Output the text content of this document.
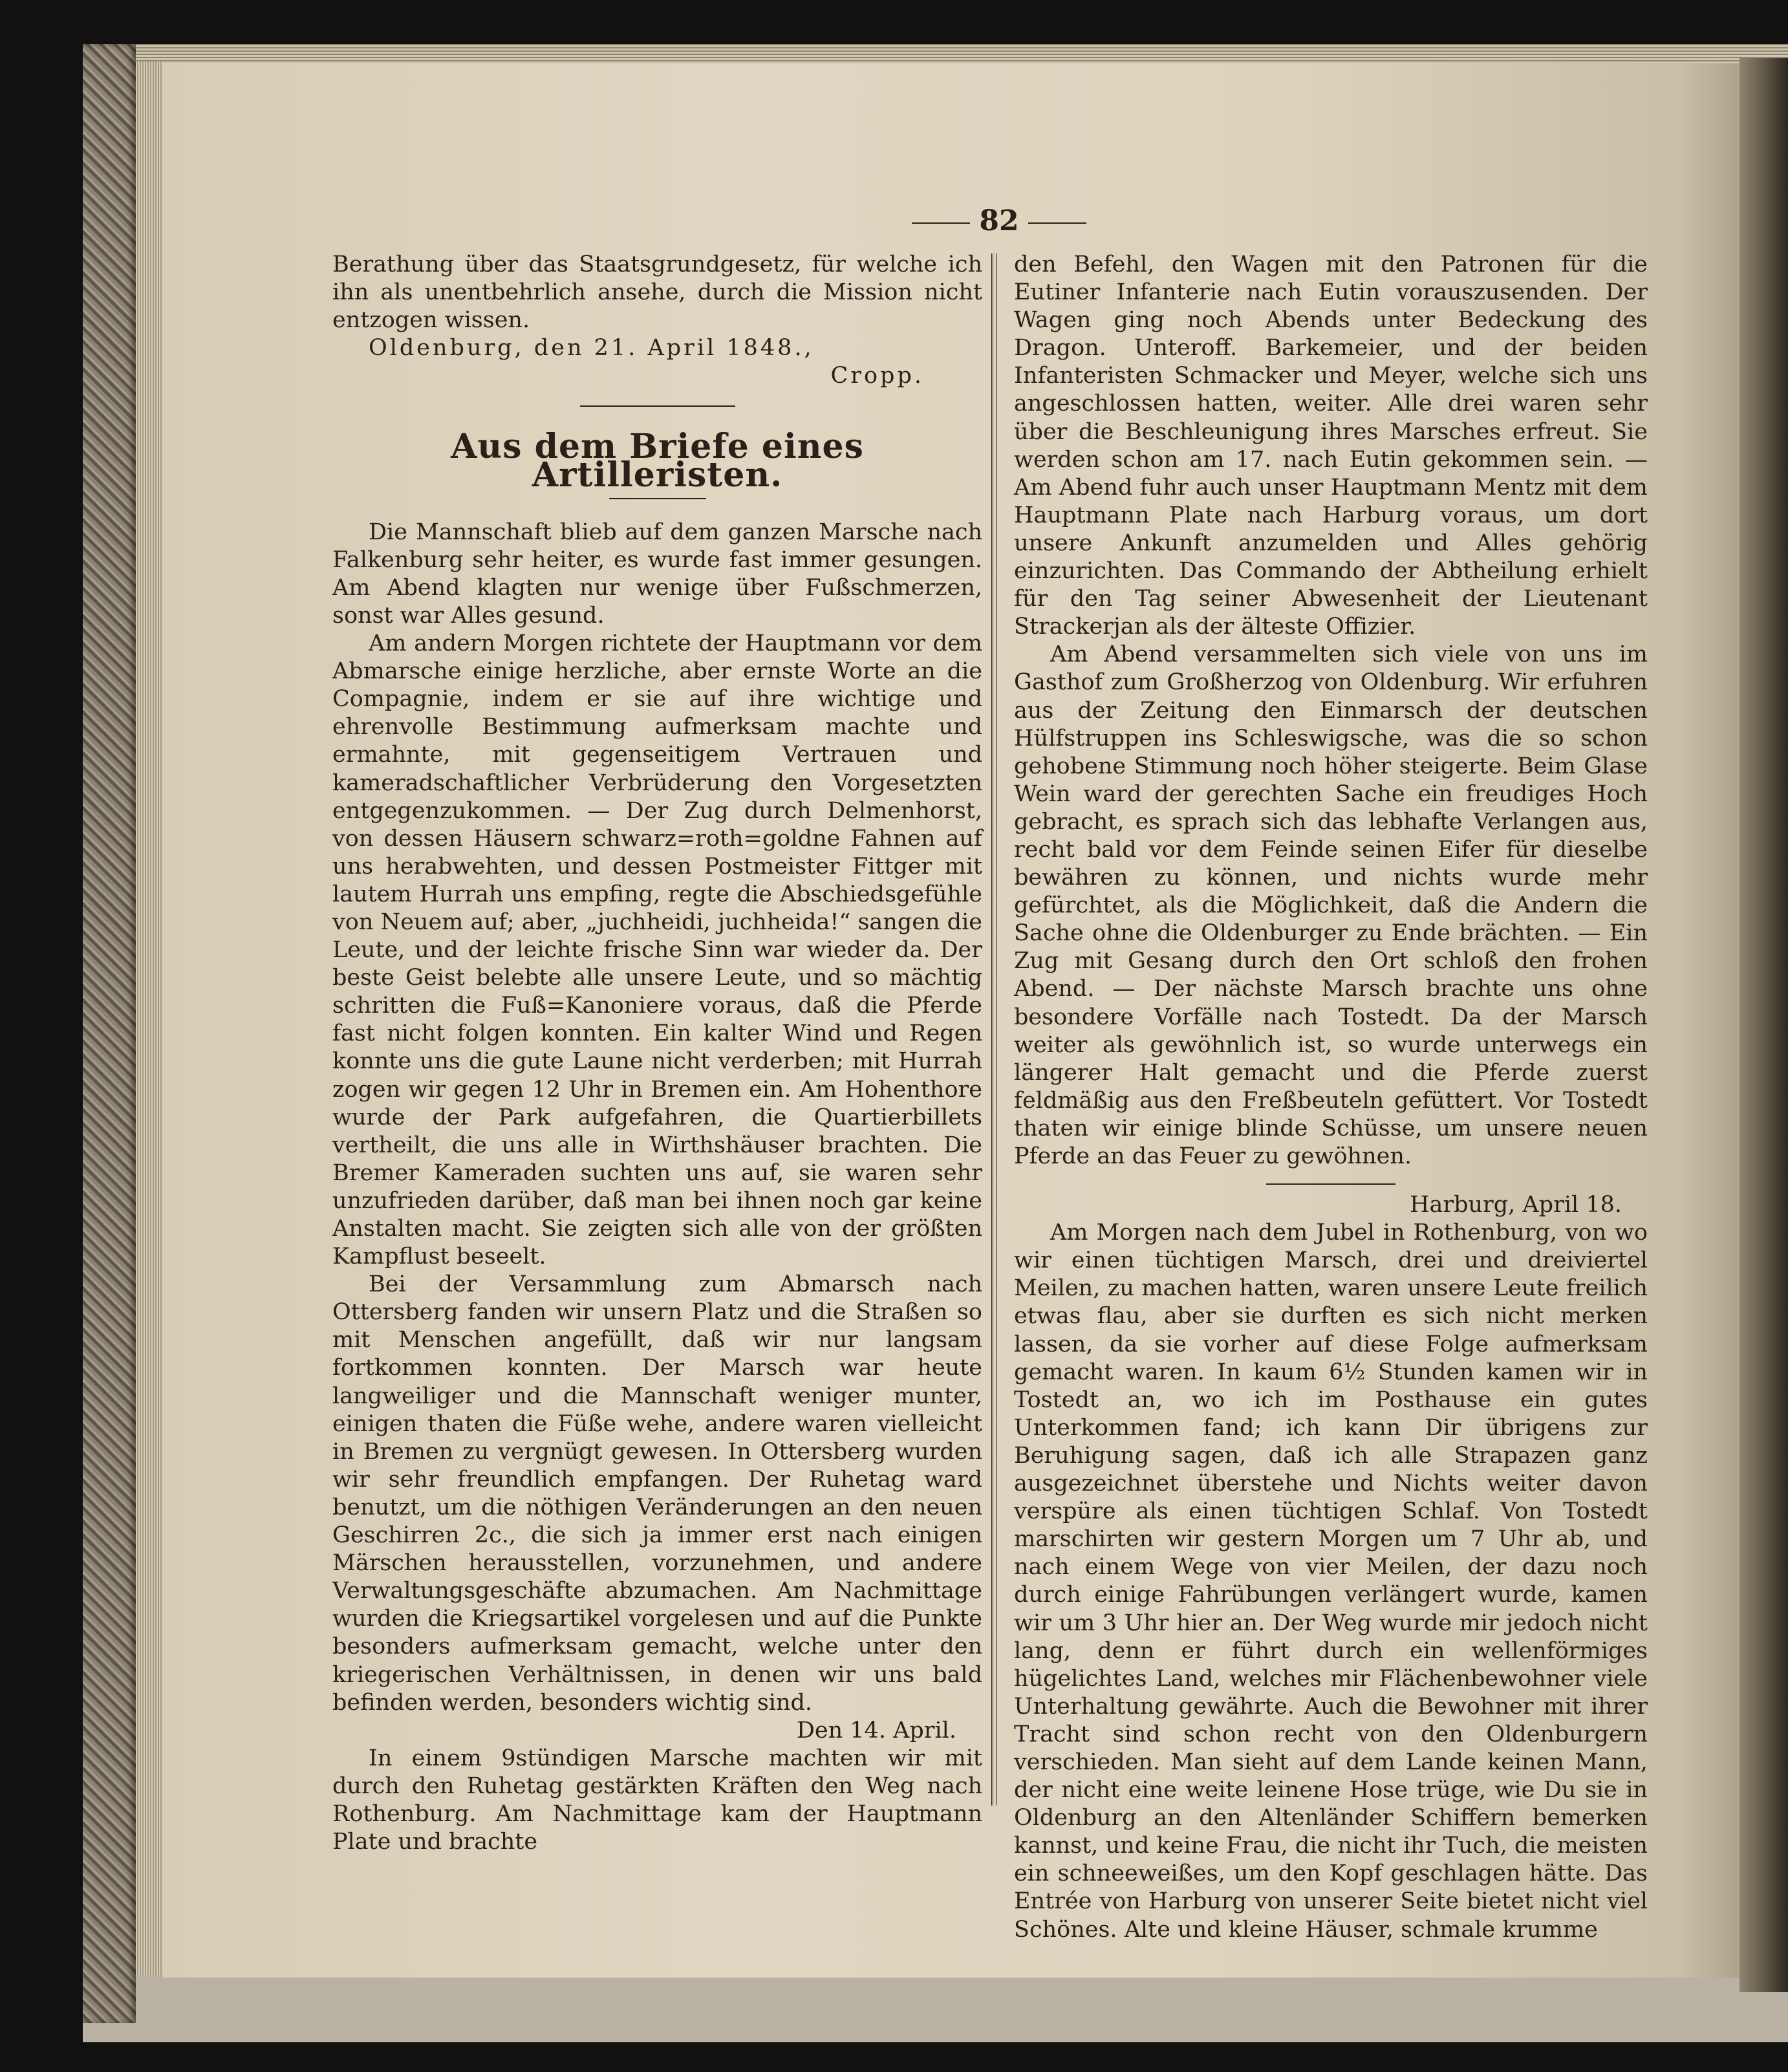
82

Berathung über das Staatsgrundgesetz, für welche ich ihn als unentbehrlich ansehe, durch die Mission nicht entzogen wissen.

Oldenburg, den 21. April 1848.,

Cropp.

Aus dem Briefe eines Artilleristen.

Die Mannschaft blieb auf dem ganzen Marsche nach Falkenburg sehr heiter, es wurde fast immer gesungen. Am Abend klagten nur wenige über Fußschmerzen, sonst war Alles gesund.

Am andern Morgen richtete der Hauptmann vor dem Abmarsche einige herzliche, aber ernste Worte an die Compagnie, indem er sie auf ihre wichtige und ehrenvolle Bestimmung aufmerksam machte und ermahnte, mit gegenseitigem Vertrauen und kameradschaftlicher Verbrüderung den Vorgesetzten entgegenzukommen. — Der Zug durch Delmenhorst, von dessen Häusern schwarz=roth=goldne Fahnen auf uns herabwehten, und dessen Postmeister Fittger mit lautem Hurrah uns empfing, regte die Abschiedsgefühle von Neuem auf; aber, „juchheidi, juchheida!“ sangen die Leute, und der leichte frische Sinn war wieder da. Der beste Geist belebte alle unsere Leute, und so mächtig schritten die Fuß=Kanoniere voraus, daß die Pferde fast nicht folgen konnten. Ein kalter Wind und Regen konnte uns die gute Laune nicht verderben; mit Hurrah zogen wir gegen 12 Uhr in Bremen ein. Am Hohenthore wurde der Park aufgefahren, die Quartierbillets vertheilt, die uns alle in Wirthshäuser brachten. Die Bremer Kameraden suchten uns auf, sie waren sehr unzufrieden darüber, daß man bei ihnen noch gar keine Anstalten macht. Sie zeigten sich alle von der größten Kampflust beseelt.

Bei der Versammlung zum Abmarsch nach Ottersberg fanden wir unsern Platz und die Straßen so mit Menschen angefüllt, daß wir nur langsam fortkommen konnten. Der Marsch war heute langweiliger und die Mannschaft weniger munter, einigen thaten die Füße wehe, andere waren vielleicht in Bremen zu vergnügt gewesen. In Ottersberg wurden wir sehr freundlich empfangen. Der Ruhetag ward benutzt, um die nöthigen Veränderungen an den neuen Geschirren 2c., die sich ja immer erst nach einigen Märschen herausstellen, vorzunehmen, und andere Verwaltungsgeschäfte abzumachen. Am Nachmittage wurden die Kriegsartikel vorgelesen und auf die Punkte besonders aufmerksam gemacht, welche unter den kriegerischen Verhältnissen, in denen wir uns bald befinden werden, besonders wichtig sind.

Den 14. April.

In einem 9stündigen Marsche machten wir mit durch den Ruhetag gestärkten Kräften den Weg nach Rothenburg. Am Nachmittage kam der Hauptmann Plate und brachte

den Befehl, den Wagen mit den Patronen für die Eutiner Infanterie nach Eutin vorauszusenden. Der Wagen ging noch Abends unter Bedeckung des Dragon. Unteroff. Barkemeier, und der beiden Infanteristen Schmacker und Meyer, welche sich uns angeschlossen hatten, weiter. Alle drei waren sehr über die Beschleunigung ihres Marsches erfreut. Sie werden schon am 17. nach Eutin gekommen sein. — Am Abend fuhr auch unser Hauptmann Mentz mit dem Hauptmann Plate nach Harburg voraus, um dort unsere Ankunft anzumelden und Alles gehörig einzurichten. Das Commando der Abtheilung erhielt für den Tag seiner Abwesenheit der Lieutenant Strackerjan als der älteste Offizier.

Am Abend versammelten sich viele von uns im Gasthof zum Großherzog von Oldenburg. Wir erfuhren aus der Zeitung den Einmarsch der deutschen Hülfstruppen ins Schleswigsche, was die so schon gehobene Stimmung noch höher steigerte. Beim Glase Wein ward der gerechten Sache ein freudiges Hoch gebracht, es sprach sich das lebhafte Verlangen aus, recht bald vor dem Feinde seinen Eifer für dieselbe bewähren zu können, und nichts wurde mehr gefürchtet, als die Möglichkeit, daß die Andern die Sache ohne die Oldenburger zu Ende brächten. — Ein Zug mit Gesang durch den Ort schloß den frohen Abend. — Der nächste Marsch brachte uns ohne besondere Vorfälle nach Tostedt. Da der Marsch weiter als gewöhnlich ist, so wurde unterwegs ein längerer Halt gemacht und die Pferde zuerst feldmäßig aus den Freßbeuteln gefüttert. Vor Tostedt thaten wir einige blinde Schüsse, um unsere neuen Pferde an das Feuer zu gewöhnen.

Harburg, April 18.

Am Morgen nach dem Jubel in Rothenburg, von wo wir einen tüchtigen Marsch, drei und dreiviertel Meilen, zu machen hatten, waren unsere Leute freilich etwas flau, aber sie durften es sich nicht merken lassen, da sie vorher auf diese Folge aufmerksam gemacht waren. In kaum 6½ Stunden kamen wir in Tostedt an, wo ich im Posthause ein gutes Unterkommen fand; ich kann Dir übrigens zur Beruhigung sagen, daß ich alle Strapazen ganz ausgezeichnet überstehe und Nichts weiter davon verspüre als einen tüchtigen Schlaf. Von Tostedt marschirten wir gestern Morgen um 7 Uhr ab, und nach einem Wege von vier Meilen, der dazu noch durch einige Fahrübungen verlängert wurde, kamen wir um 3 Uhr hier an. Der Weg wurde mir jedoch nicht lang, denn er führt durch ein wellenförmiges hügelichtes Land, welches mir Flächenbewohner viele Unterhaltung gewährte. Auch die Bewohner mit ihrer Tracht sind schon recht von den Oldenburgern verschieden. Man sieht auf dem Lande keinen Mann, der nicht eine weite leinene Hose trüge, wie Du sie in Oldenburg an den Altenländer Schiffern bemerken kannst, und keine Frau, die nicht ihr Tuch, die meisten ein schneeweißes, um den Kopf geschlagen hätte. Das Entrée von Harburg von unserer Seite bietet nicht viel Schönes. Alte und kleine Häuser, schmale krumme
